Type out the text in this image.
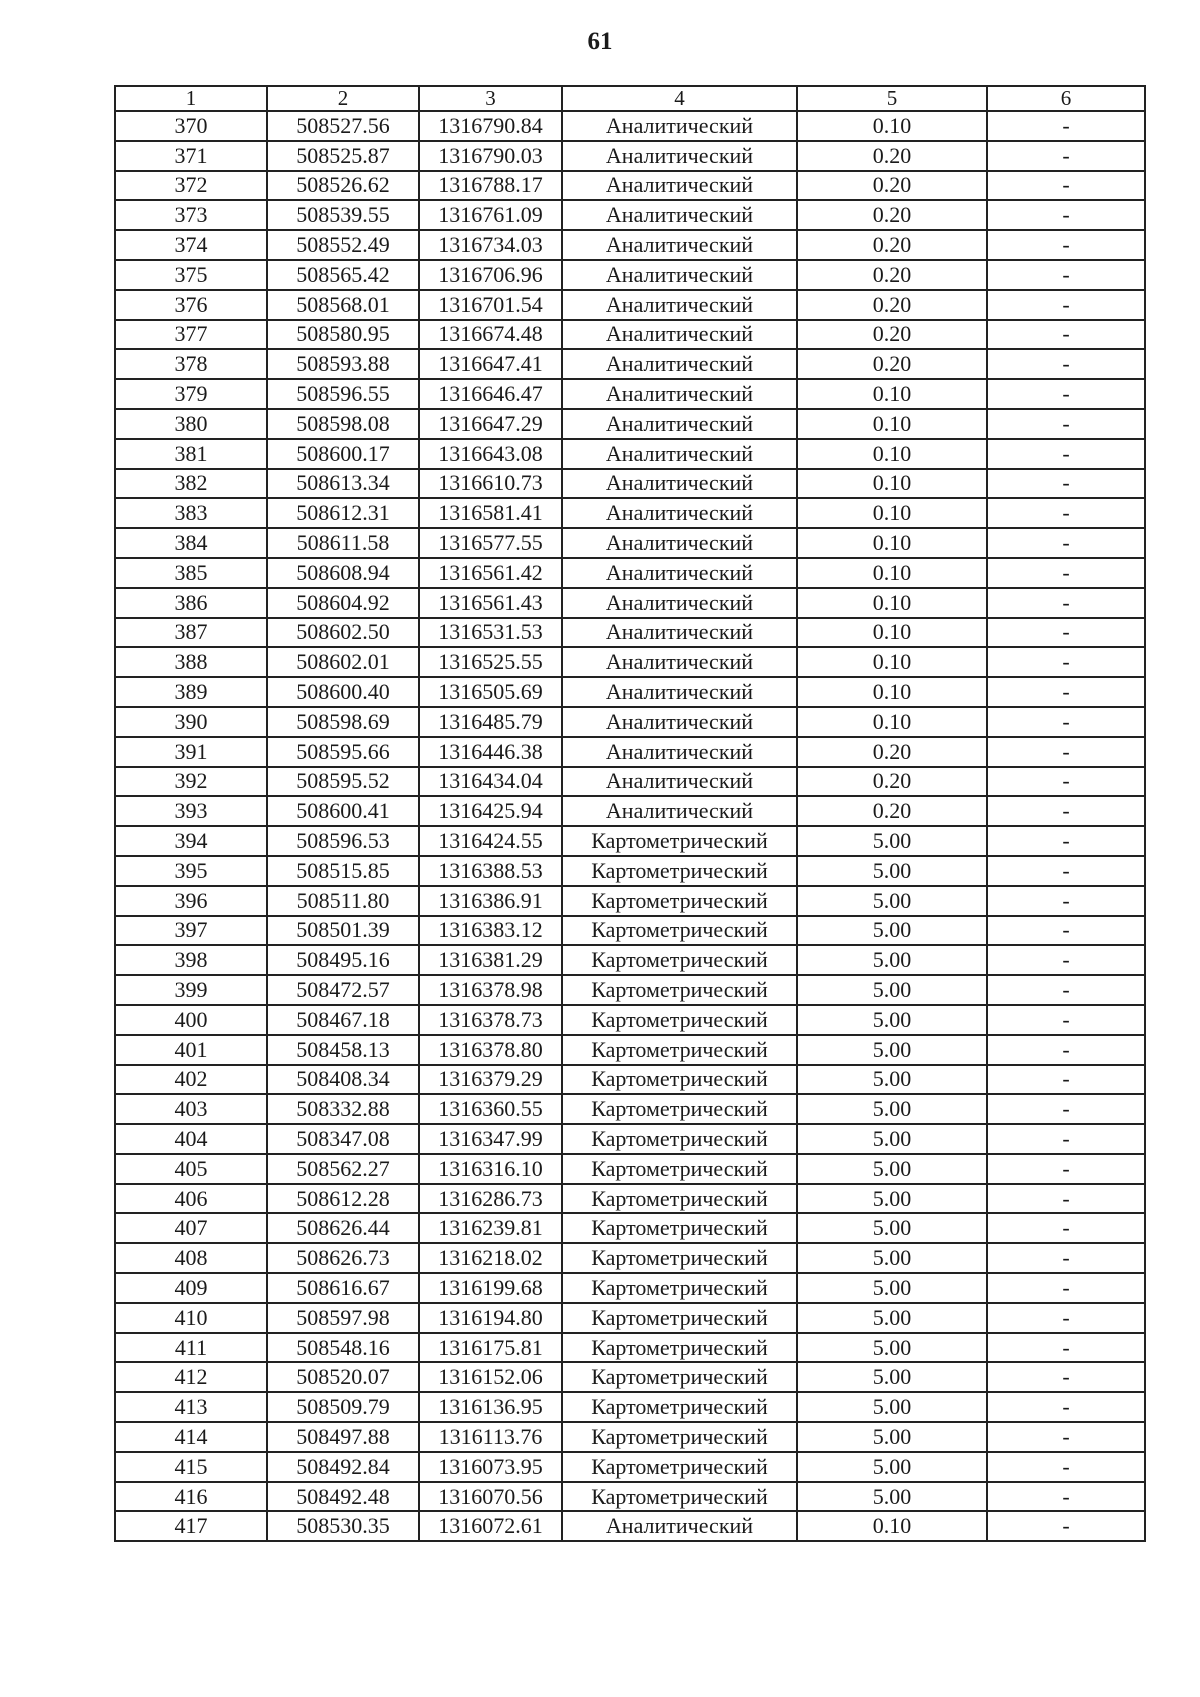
61
1	2	3	4	5	6
370	508527.56	1316790.84	Аналитический	0.10	-
371	508525.87	1316790.03	Аналитический	0.20	-
372	508526.62	1316788.17	Аналитический	0.20	-
373	508539.55	1316761.09	Аналитический	0.20	-
374	508552.49	1316734.03	Аналитический	0.20	-
375	508565.42	1316706.96	Аналитический	0.20	-
376	508568.01	1316701.54	Аналитический	0.20	-
377	508580.95	1316674.48	Аналитический	0.20	-
378	508593.88	1316647.41	Аналитический	0.20	-
379	508596.55	1316646.47	Аналитический	0.10	-
380	508598.08	1316647.29	Аналитический	0.10	-
381	508600.17	1316643.08	Аналитический	0.10	-
382	508613.34	1316610.73	Аналитический	0.10	-
383	508612.31	1316581.41	Аналитический	0.10	-
384	508611.58	1316577.55	Аналитический	0.10	-
385	508608.94	1316561.42	Аналитический	0.10	-
386	508604.92	1316561.43	Аналитический	0.10	-
387	508602.50	1316531.53	Аналитический	0.10	-
388	508602.01	1316525.55	Аналитический	0.10	-
389	508600.40	1316505.69	Аналитический	0.10	-
390	508598.69	1316485.79	Аналитический	0.10	-
391	508595.66	1316446.38	Аналитический	0.20	-
392	508595.52	1316434.04	Аналитический	0.20	-
393	508600.41	1316425.94	Аналитический	0.20	-
394	508596.53	1316424.55	Картометрический	5.00	-
395	508515.85	1316388.53	Картометрический	5.00	-
396	508511.80	1316386.91	Картометрический	5.00	-
397	508501.39	1316383.12	Картометрический	5.00	-
398	508495.16	1316381.29	Картометрический	5.00	-
399	508472.57	1316378.98	Картометрический	5.00	-
400	508467.18	1316378.73	Картометрический	5.00	-
401	508458.13	1316378.80	Картометрический	5.00	-
402	508408.34	1316379.29	Картометрический	5.00	-
403	508332.88	1316360.55	Картометрический	5.00	-
404	508347.08	1316347.99	Картометрический	5.00	-
405	508562.27	1316316.10	Картометрический	5.00	-
406	508612.28	1316286.73	Картометрический	5.00	-
407	508626.44	1316239.81	Картометрический	5.00	-
408	508626.73	1316218.02	Картометрический	5.00	-
409	508616.67	1316199.68	Картометрический	5.00	-
410	508597.98	1316194.80	Картометрический	5.00	-
411	508548.16	1316175.81	Картометрический	5.00	-
412	508520.07	1316152.06	Картометрический	5.00	-
413	508509.79	1316136.95	Картометрический	5.00	-
414	508497.88	1316113.76	Картометрический	5.00	-
415	508492.84	1316073.95	Картометрический	5.00	-
416	508492.48	1316070.56	Картометрический	5.00	-
417	508530.35	1316072.61	Аналитический	0.10	-
